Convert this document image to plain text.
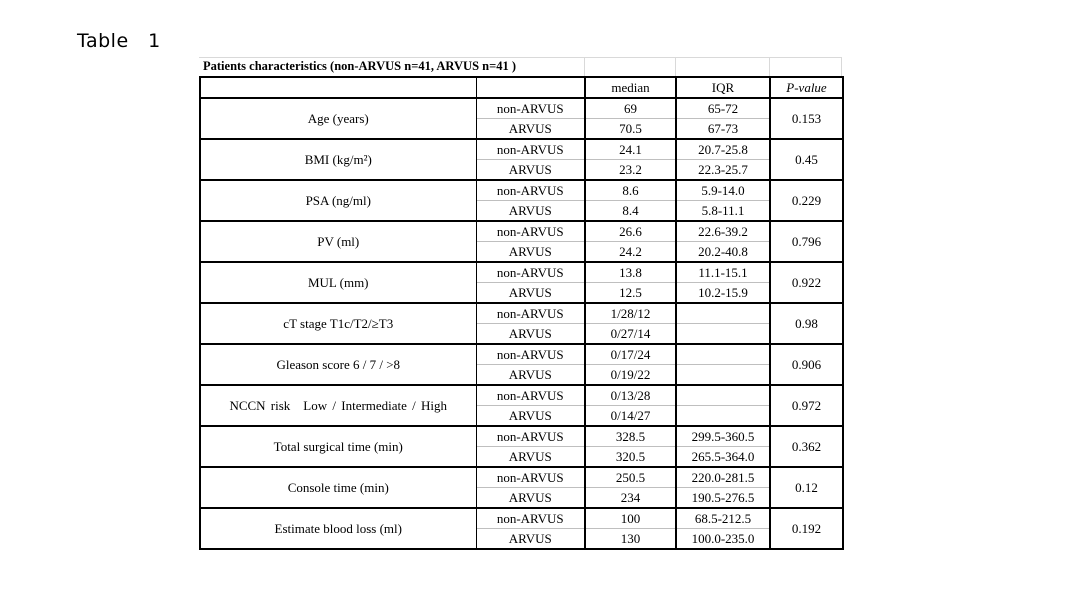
Table　1
Patients characteristics (non-ARVUS n=41, ARVUS n=41 )
		median	IQR	P-value
Age (years)	non-ARVUS	69	65-72	0.153
	ARVUS	70.5	67-73	
BMI (kg/m²)	non-ARVUS	24.1	20.7-25.8	0.45
	ARVUS	23.2	22.3-25.7	
PSA (ng/ml)	non-ARVUS	8.6	5.9-14.0	0.229
	ARVUS	8.4	5.8-11.1	
PV (ml)	non-ARVUS	26.6	22.6-39.2	0.796
	ARVUS	24.2	20.2-40.8	
MUL (mm)	non-ARVUS	13.8	11.1-15.1	0.922
	ARVUS	12.5	10.2-15.9	
cT stage T1c/T2/≥T3	non-ARVUS	1/28/12		0.98
	ARVUS	0/27/14		
Gleason score 6 / 7 / >8	non-ARVUS	0/17/24		0.906
	ARVUS	0/19/22		
NCCN risk　Low / Intermediate / High	non-ARVUS	0/13/28		0.972
	ARVUS	0/14/27		
Total surgical time (min)	non-ARVUS	328.5	299.5-360.5	0.362
	ARVUS	320.5	265.5-364.0	
Console time (min)	non-ARVUS	250.5	220.0-281.5	0.12
	ARVUS	234	190.5-276.5	
Estimate blood loss (ml)	non-ARVUS	100	68.5-212.5	0.192
	ARVUS	130	100.0-235.0	
